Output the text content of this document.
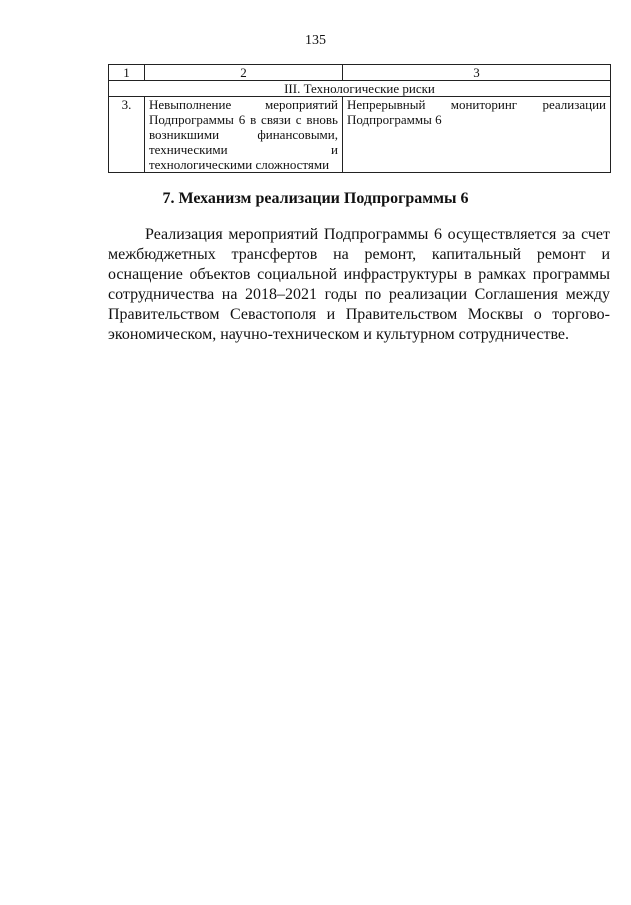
135
1	2	3
III. Технологические риски		
3.	Невыполнение мероприятий Подпрограммы 6 в связи с вновь возникшими финансовыми, техническими и технологическими сложностями	Непрерывный мониторинг реализации Подпрограммы 6
7. Механизм реализации Подпрограммы 6

Реализация мероприятий Подпрограммы 6 осуществляется за счет межбюджетных трансфертов на ремонт, капитальный ремонт и оснащение объектов социальной инфраструктуры в рамках программы сотрудничества на 2018–2021 годы по реализации Соглашения между Правительством Севастополя и Правительством Москвы о торгово-экономическом, научно-техническом и культурном сотрудничестве.
